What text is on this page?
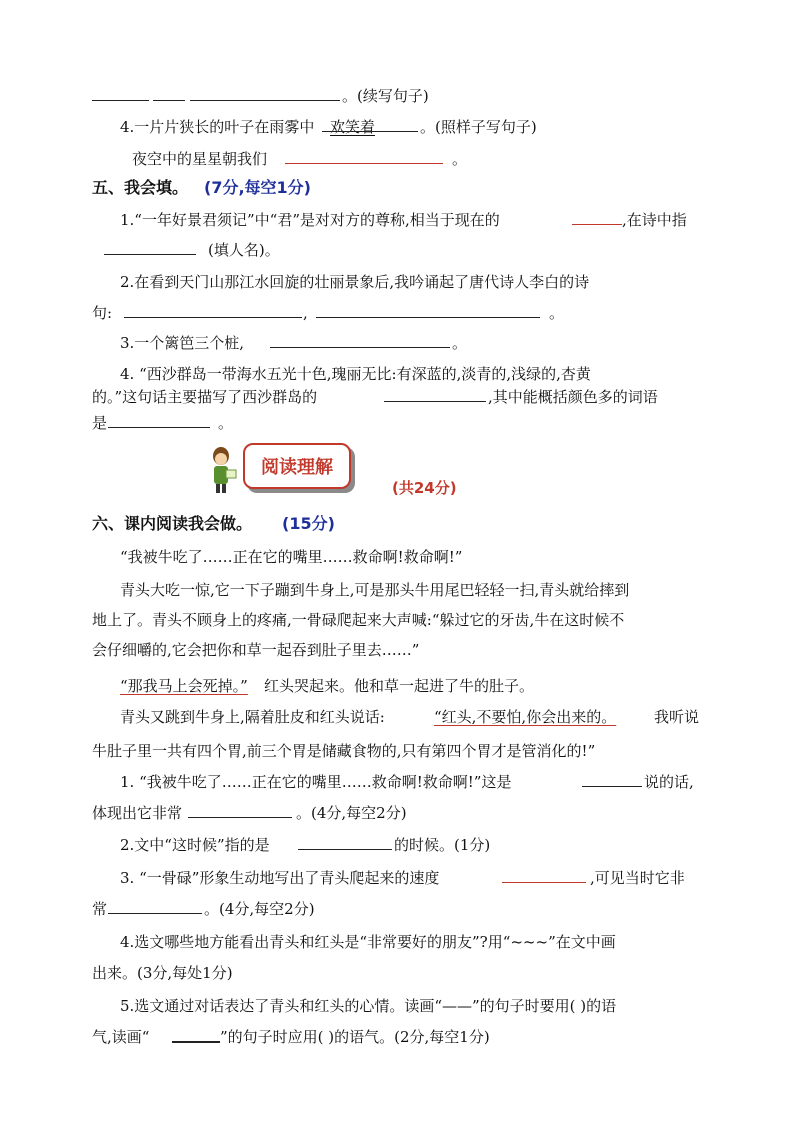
。(续写句子)
4.一片片狭长的叶子在雨雾中 欢笑着	。(照样子写句子)
夜空中的星星朝我们	。
五、我会填。 (7分,每空1分)
1.“一年好景君须记”中“君”是对对方的尊称,相当于现在的	,在诗中指
(填人名)。
2.在看到天门山那江水回旋的壮丽景象后,我吟诵起了唐代诗人李白的诗
句:	,	。
3.一个篱笆三个桩,	。
4. “西沙群岛一带海水五光十色,瑰丽无比:有深蓝的,淡青的,浅绿的,杏黄
的。”这句话主要描写了西沙群岛的	,其中能概括颜色多的词语
是	。
阅读理解
(共24分)
六、课内阅读我会做。 (15分)
“我被牛吃了……正在它的嘴里……救命啊!救命啊!”
青头大吃一惊,它一下子蹦到牛身上,可是那头牛用尾巴轻轻一扫,青头就给摔到
地上了。青头不顾身上的疼痛,一骨碌爬起来大声喊:“躲过它的牙齿,牛在这时候不
会仔细嚼的,它会把你和草一起吞到肚子里去……”
“那我马上会死掉。” 红头哭起来。他和草一起进了牛的肚子。
青头又跳到牛身上,隔着肚皮和红头说话:	“红头,不要怕,你会出来的。	我听说
牛肚子里一共有四个胃,前三个胃是储藏食物的,只有第四个胃才是管消化的!”
1. “我被牛吃了……正在它的嘴里……救命啊!救命啊!”这是	说的话,
体现出它非常	。(4分,每空2分)
2.文中“这时候”指的是	的时候。(1分)
3. “一骨碌”形象生动地写出了青头爬起来的速度	,可见当时它非
常	。(4分,每空2分)
4.选文哪些地方能看出青头和红头是“非常要好的朋友”?用“~~~”在文中画
出来。(3分,每处1分)
5.选文通过对话表达了青头和红头的心情。读画“——”的句子时要用( )的语
气,读画“	”的句子时应用( )的语气。(2分,每空1分)
